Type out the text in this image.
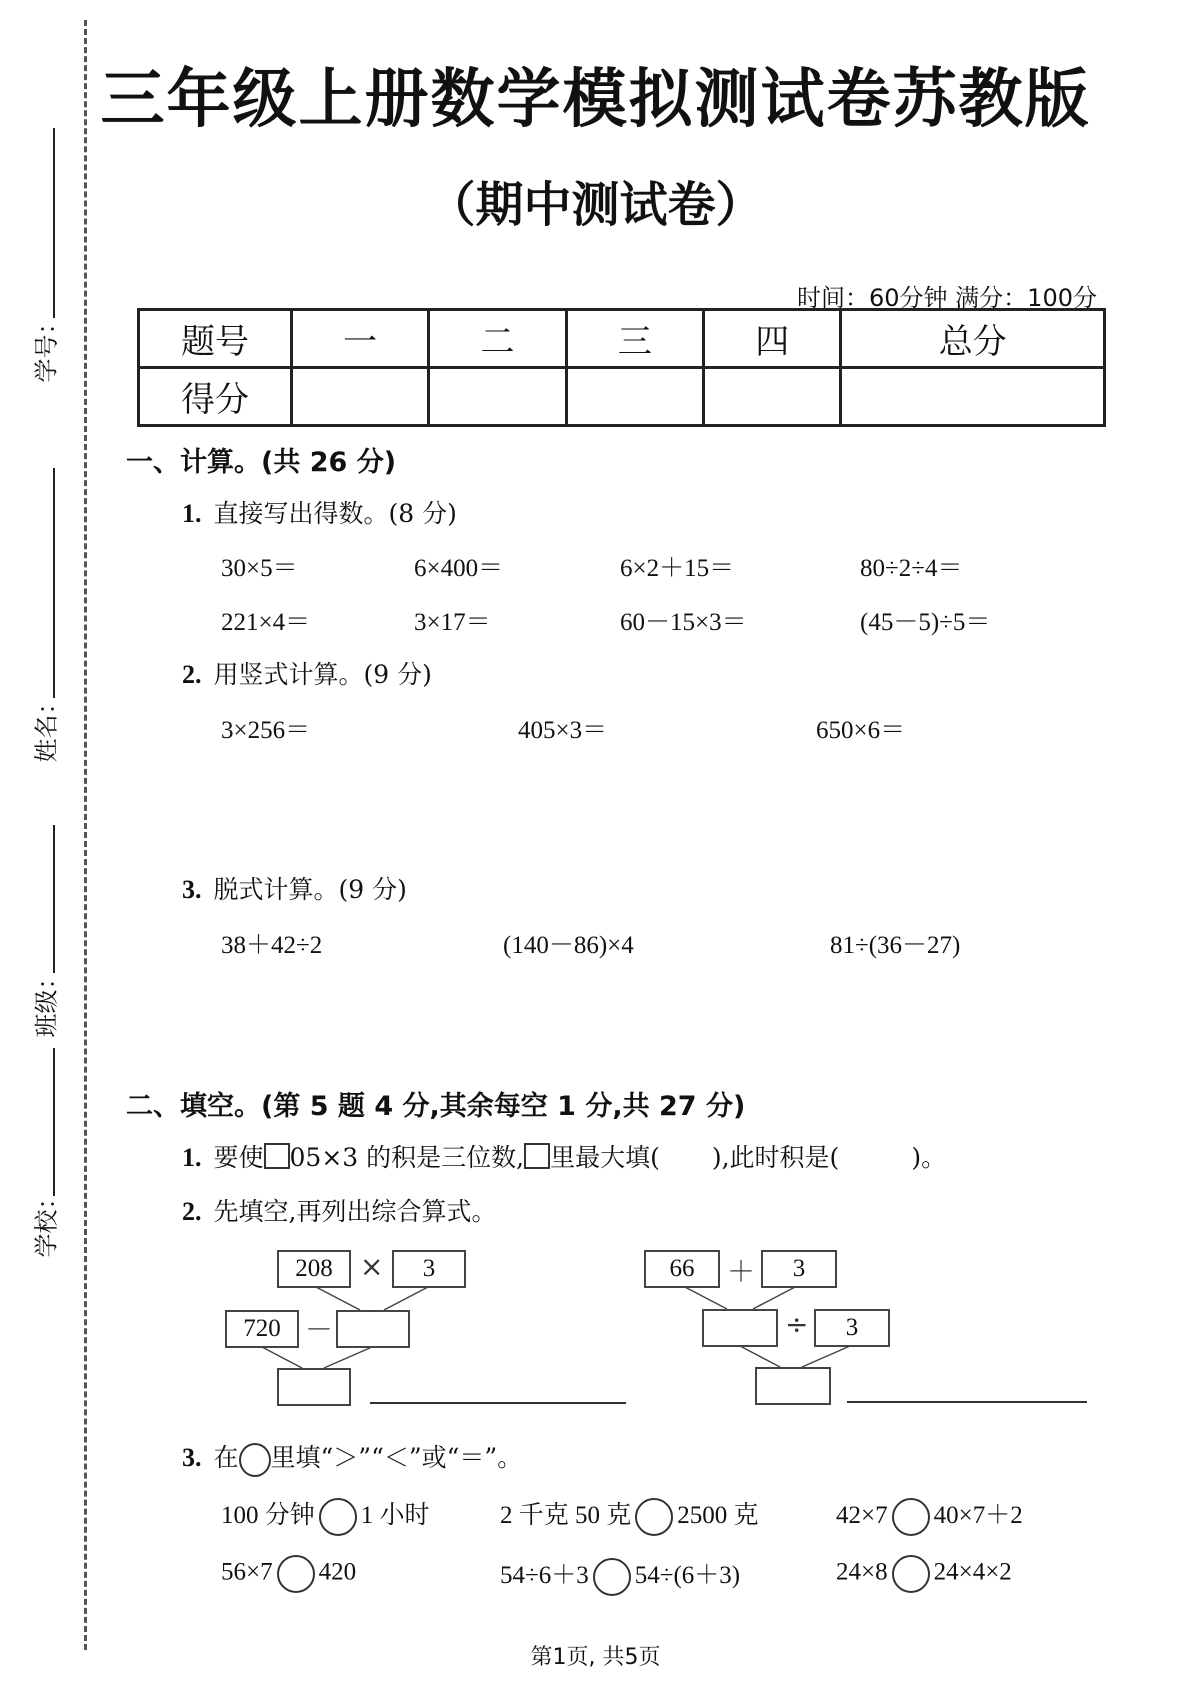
学号：
姓名：
班级：
学校：
三年级上册数学模拟测试卷苏教版
（期中测试卷）
时间：60分钟 满分：100分
题号	一	二	三	四	总分
得分					
一、计算。(共 26 分)
1. 直接写出得数。(8 分)
30×5＝	6×400＝	6×2＋15＝	80÷2÷4＝
221×4＝	3×17＝	60－15×3＝	(45－5)÷5＝
2. 用竖式计算。(9 分)
3×256＝	405×3＝	650×6＝
3. 脱式计算。(9 分)
38＋42÷2	(140－86)×4	81÷(36－27)
二、填空。(第 5 题 4 分,其余每空 1 分,共 27 分)
1. 要使 05×3 的积是三位数, 里最大填( ),此时积是(	)。
2. 先填空,再列出综合算式。
208 ×	3
720 －
66	＋	3
÷	3
3. 在 里填“＞”“＜”或“＝”。
100 分钟 1 小时	2 千克 50 克 2500 克	42×7 40×7＋2
56×7 420	54÷6＋3 54÷(6＋3)	24×8 24×4×2
第1页, 共5页
